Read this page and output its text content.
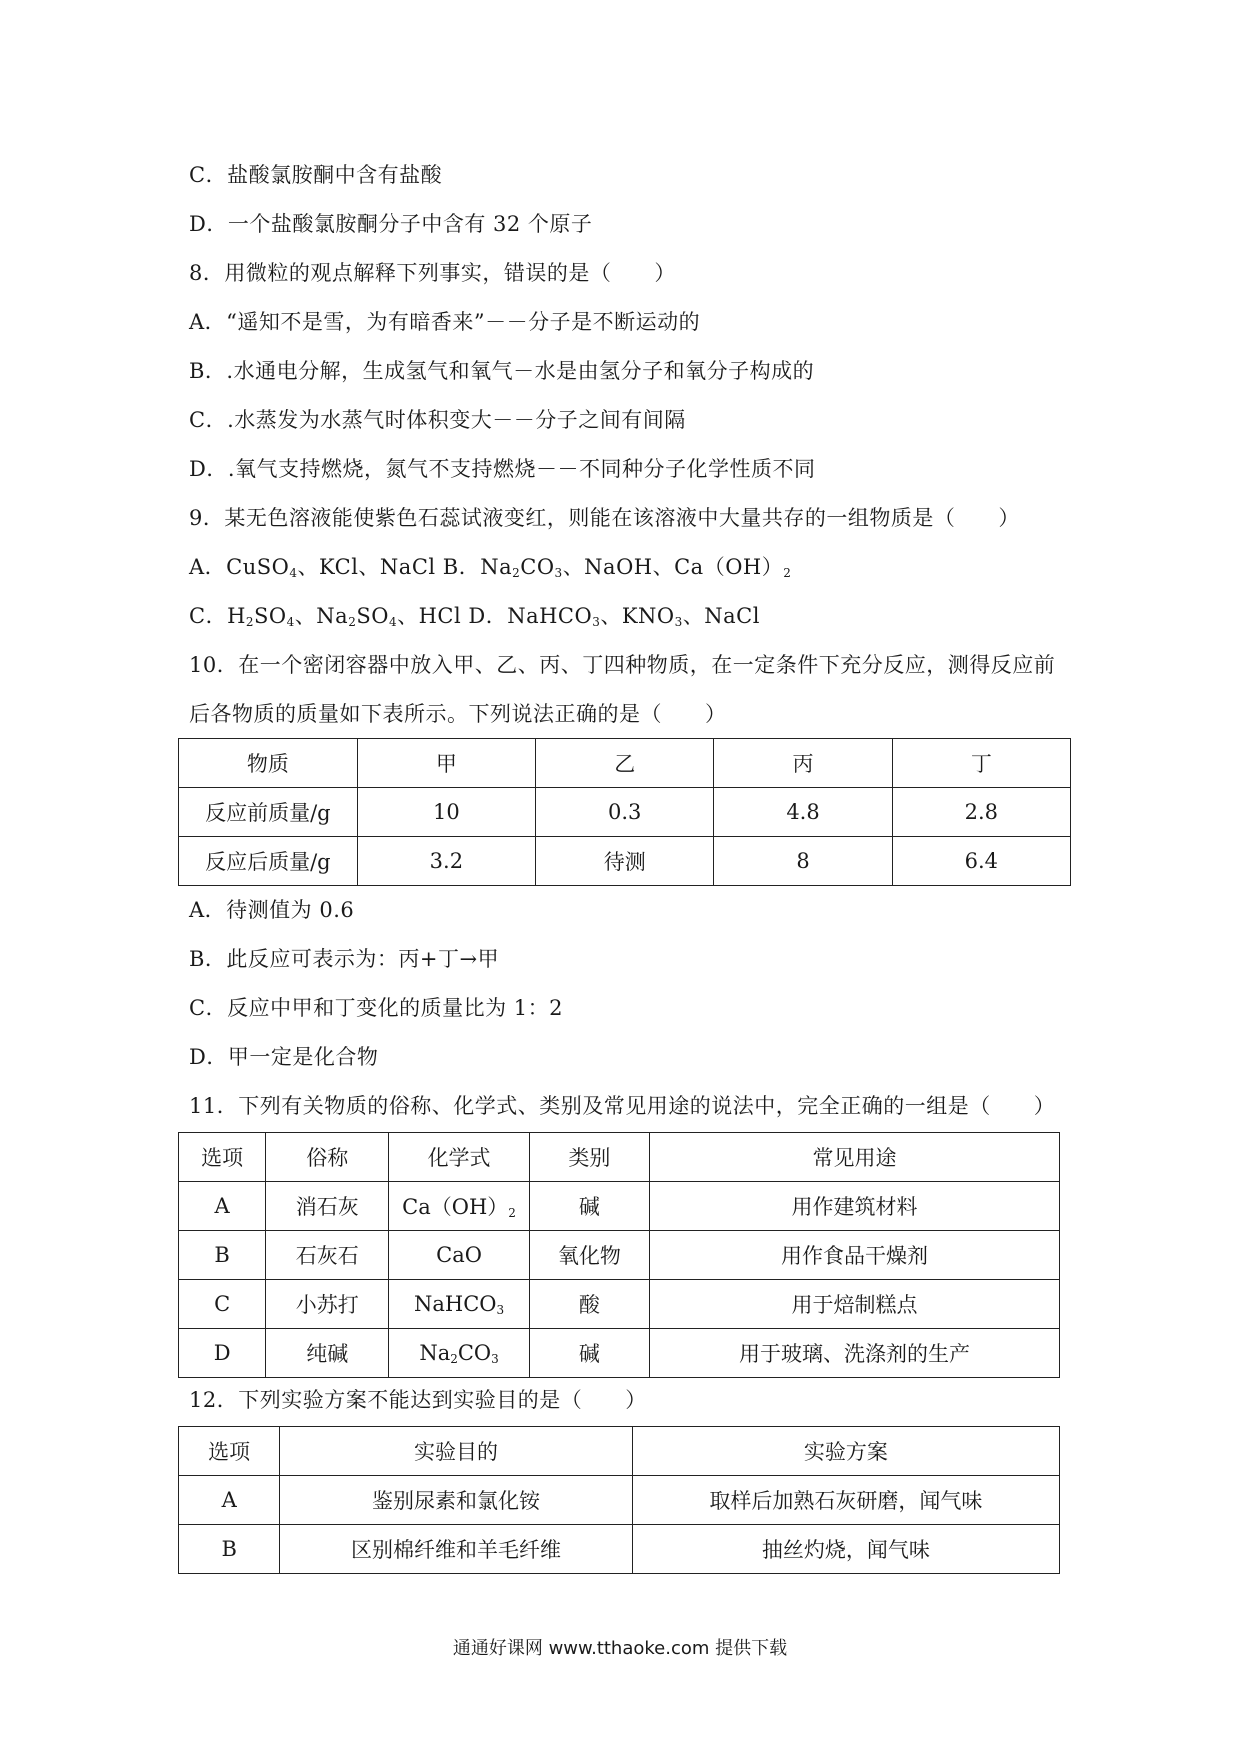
C．盐酸氯胺酮中含有盐酸
D．一个盐酸氯胺酮分子中含有 32 个原子
8．用微粒的观点解释下列事实，错误的是（　　）
A．“遥知不是雪，为有暗香来”－－分子是不断运动的
B．.水通电分解，生成氢气和氧气－水是由氢分子和氧分子构成的
C．.水蒸发为水蒸气时体积变大－－分子之间有间隔
D．.氧气支持燃烧，氮气不支持燃烧－－不同种分子化学性质不同
9．某无色溶液能使紫色石蕊试液变红，则能在该溶液中大量共存的一组物质是（　　）
A．CuSO$_4$、KCl、NaCl B．$Na_2CO_3$、NaOH、$Ca(OH)_2$
C．$H_2SO_4$、$Na_2SO_4$、HCl D．NaHCO$_3$、$KNO_3$、NaCl
10．在一个密闭容器中放入甲、乙、丙、丁四种物质，在一定条件下充分反应，测得反应前
后各物质的质量如下表所示。下列说法正确的是（　　）
物质	甲	乙	丙	丁
反应前质量/g	10	0.3	4.8	2.8
反应后质量/g	3.2	待测	8	6.4
A．待测值为 0.6
B．此反应可表示为：丙+丁→甲
C．反应中甲和丁变化的质量比为 1：2
D．甲一定是化合物
11．下列有关物质的俗称、化学式、类别及常见用途的说法中，完全正确的一组是（　　）
选项	俗称	化学式	类别	常见用途
A	消石灰	$Ca(OH)_2$	碱	用作建筑材料
B	石灰石	CaO	氧化物	用作食品干燥剂
C	小苏打	NaHCO$_3$	酸	用于焙制糕点
D	纯碱	$Na_2CO_3$	碱	用于玻璃、洗涤剂的生产
12．下列实验方案不能达到实验目的是（　　）
选项	实验目的	实验方案
A	鉴别尿素和氯化铵	取样后加熟石灰研磨，闻气味
B	区别棉纤维和羊毛纤维	抽丝灼烧，闻气味
通通好课网 www.tthaoke.com 提供下载
